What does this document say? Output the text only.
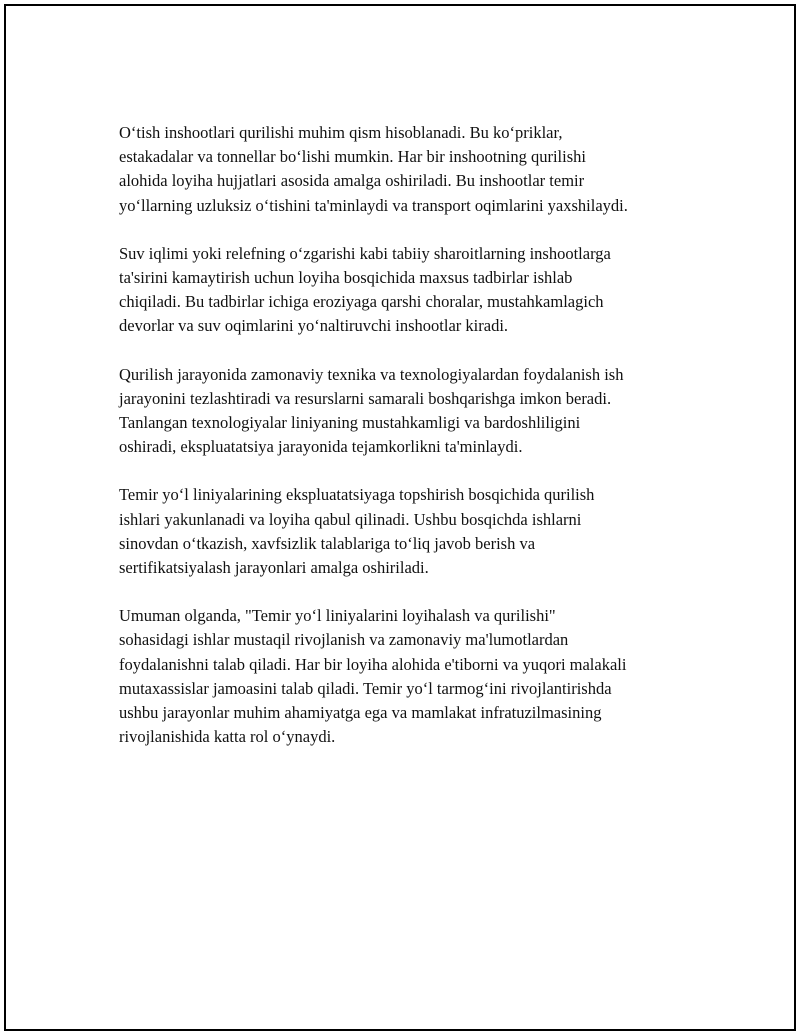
O‘tish inshootlari qurilishi muhim qism hisoblanadi. Bu ko‘priklar,
estakadalar va tonnellar bo‘lishi mumkin. Har bir inshootning qurilishi
alohida loyiha hujjatlari asosida amalga oshiriladi. Bu inshootlar temir
yo‘llarning uzluksiz o‘tishini ta'minlaydi va transport oqimlarini yaxshilaydi.

Suv iqlimi yoki relefning o‘zgarishi kabi tabiiy sharoitlarning inshootlarga
ta'sirini kamaytirish uchun loyiha bosqichida maxsus tadbirlar ishlab
chiqiladi. Bu tadbirlar ichiga eroziyaga qarshi choralar, mustahkamlagich
devorlar va suv oqimlarini yo‘naltiruvchi inshootlar kiradi.

Qurilish jarayonida zamonaviy texnika va texnologiyalardan foydalanish ish
jarayonini tezlashtiradi va resurslarni samarali boshqarishga imkon beradi.
Tanlangan texnologiyalar liniyaning mustahkamligi va bardoshliligini
oshiradi, ekspluatatsiya jarayonida tejamkorlikni ta'minlaydi.

Temir yo‘l liniyalarining ekspluatatsiyaga topshirish bosqichida qurilish
ishlari yakunlanadi va loyiha qabul qilinadi. Ushbu bosqichda ishlarni
sinovdan o‘tkazish, xavfsizlik talablariga to‘liq javob berish va
sertifikatsiyalash jarayonlari amalga oshiriladi.

Umuman olganda, "Temir yo‘l liniyalarini loyihalash va qurilishi"
sohasidagi ishlar mustaqil rivojlanish va zamonaviy ma'lumotlardan
foydalanishni talab qiladi. Har bir loyiha alohida e'tiborni va yuqori malakali
mutaxassislar jamoasini talab qiladi. Temir yo‘l tarmog‘ini rivojlantirishda
ushbu jarayonlar muhim ahamiyatga ega va mamlakat infratuzilmasining
rivojlanishida katta rol o‘ynaydi.
